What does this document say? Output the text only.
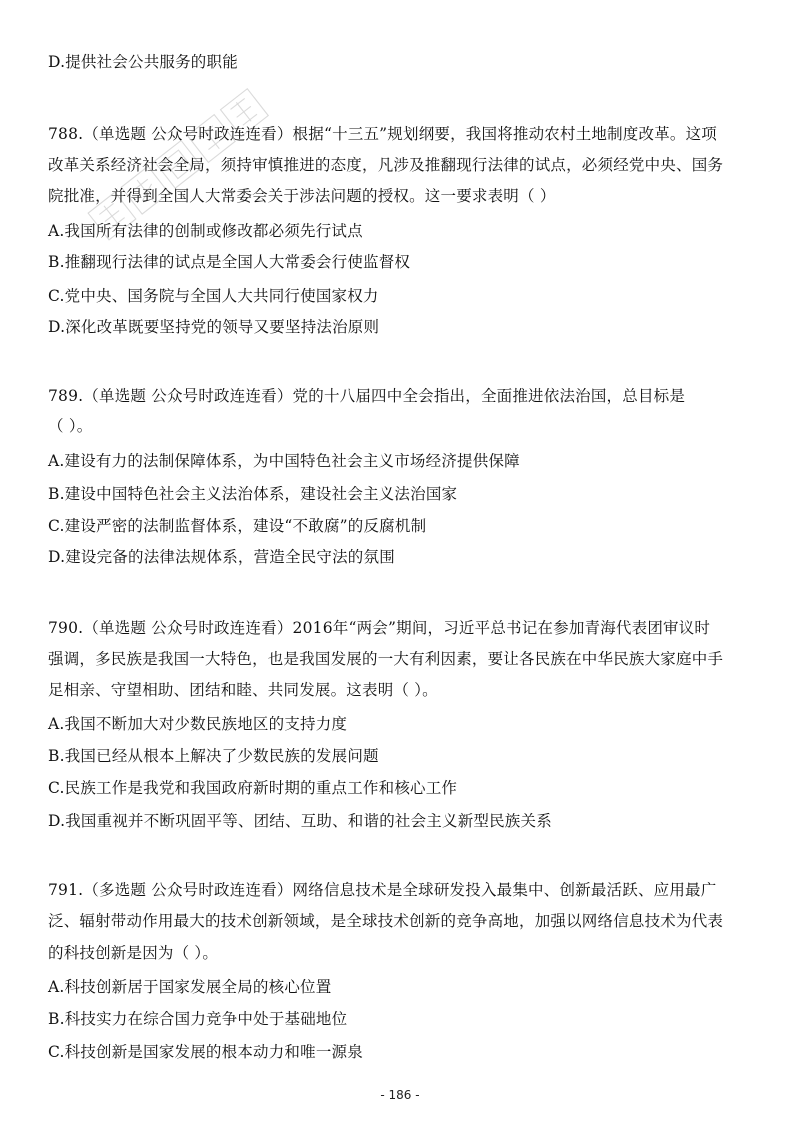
D.提供社会公共服务的职能
788.（单选题 公众号时政连连看）根据“十三五”规划纲要，我国将推动农村土地制度改革。这项
改革关系经济社会全局，须持审慎推进的态度，凡涉及推翻现行法律的试点，必须经党中央、国务
院批准，并得到全国人大常委会关于涉法问题的授权。这一要求表明（ ）
A.我国所有法律的创制或修改都必须先行试点
B.推翻现行法律的试点是全国人大常委会行使监督权
C.党中央、国务院与全国人大共同行使国家权力
D.深化改革既要坚持党的领导又要坚持法治原则
789.（单选题 公众号时政连连看）党的十八届四中全会指出，全面推进依法治国，总目标是
（ ）。
A.建设有力的法制保障体系，为中国特色社会主义市场经济提供保障
B.建设中国特色社会主义法治体系，建设社会主义法治国家
C.建设严密的法制监督体系，建设“不敢腐”的反腐机制
D.建设完备的法律法规体系，营造全民守法的氛围
790.（单选题 公众号时政连连看）2016年“两会”期间，习近平总书记在参加青海代表团审议时
强调，多民族是我国一大特色，也是我国发展的一大有利因素，要让各民族在中华民族大家庭中手
足相亲、守望相助、团结和睦、共同发展。这表明（ ）。
A.我国不断加大对少数民族地区的支持力度
B.我国已经从根本上解决了少数民族的发展问题
C.民族工作是我党和我国政府新时期的重点工作和核心工作
D.我国重视并不断巩固平等、团结、互助、和谐的社会主义新型民族关系
791.（多选题 公众号时政连连看）网络信息技术是全球研发投入最集中、创新最活跃、应用最广
泛、辐射带动作用最大的技术创新领域，是全球技术创新的竞争高地，加强以网络信息技术为代表
的科技创新是因为（ ）。
A.科技创新居于国家发展全局的核心位置
B.科技实力在综合国力竞争中处于基础地位
C.科技创新是国家发展的根本动力和唯一源泉
- 186 -
